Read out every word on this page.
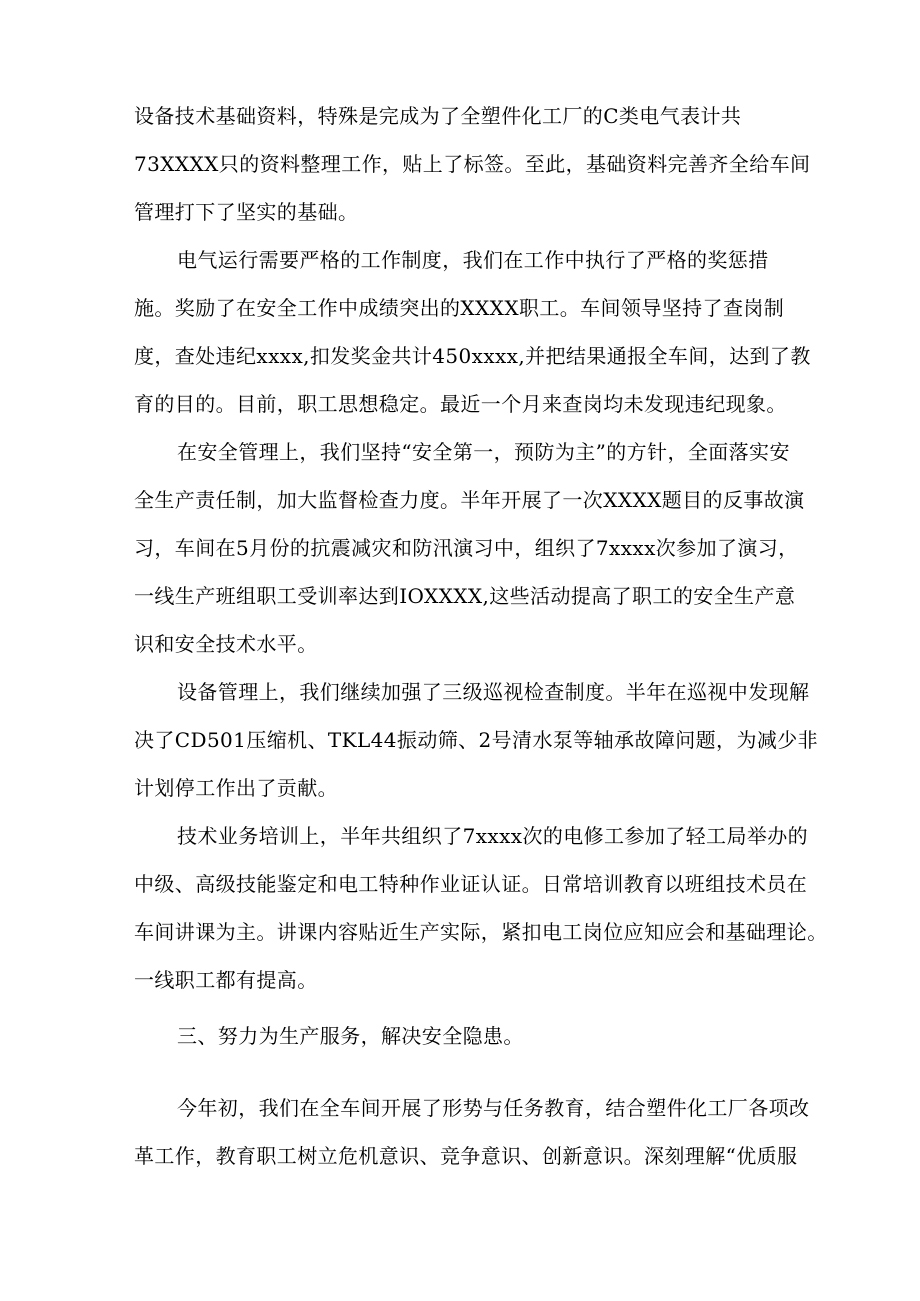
设备技术基础资料，特殊是完成为了全塑件化工厂的C类电气表计共
73XXXX只的资料整理工作，贴上了标签。至此，基础资料完善齐全给车间
管理打下了坚实的基础。
电气运行需要严格的工作制度，我们在工作中执行了严格的奖惩措
施。奖励了在安全工作中成绩突出的XXXX职工。车间领导坚持了查岗制
度，查处违纪xxxx,扣发奖金共计450xxxx,并把结果通报全车间，达到了教
育的目的。目前，职工思想稳定。最近一个月来查岗均未发现违纪现象。
在安全管理上，我们坚持“安全第一，预防为主”的方针，全面落实安
全生产责任制，加大监督检查力度。半年开展了一次XXXX题目的反事故演
习，车间在5月份的抗震减灾和防汛演习中，组织了7xxxx次参加了演习，
一线生产班组职工受训率达到IOXXXX,这些活动提高了职工的安全生产意
识和安全技术水平。
设备管理上，我们继续加强了三级巡视检查制度。半年在巡视中发现解
决了CD501压缩机、TKL44振动筛、2号清水泵等轴承故障问题，为减少非
计划停工作出了贡献。
技术业务培训上，半年共组织了7xxxx次的电修工参加了轻工局举办的
中级、高级技能鉴定和电工特种作业证认证。日常培训教育以班组技术员在
车间讲课为主。讲课内容贴近生产实际，紧扣电工岗位应知应会和基础理论。
一线职工都有提高。
三、努力为生产服务，解决安全隐患。
今年初，我们在全车间开展了形势与任务教育，结合塑件化工厂各项改
革工作，教育职工树立危机意识、竞争意识、创新意识。深刻理解“优质服
